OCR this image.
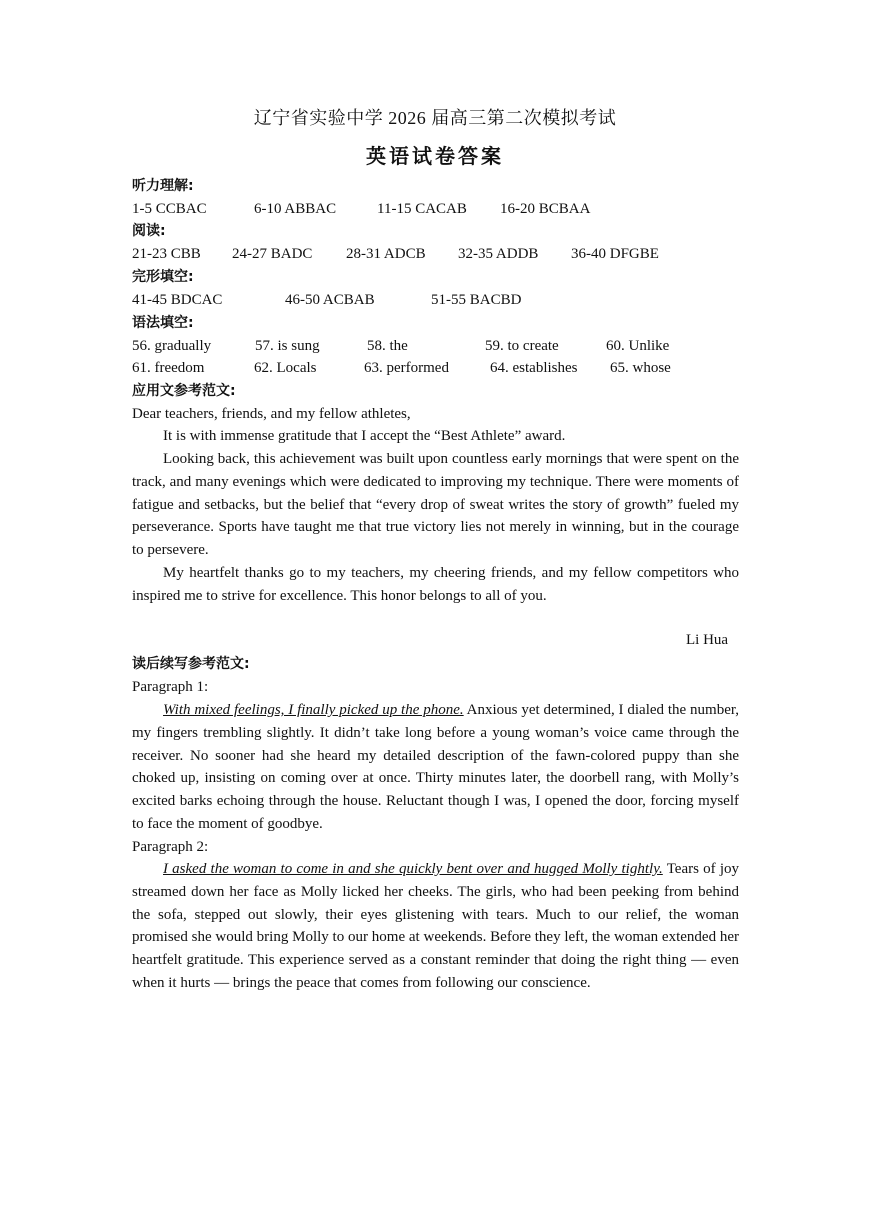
辽宁省实验中学 2026 届高三第二次模拟考试
英语试卷答案
听力理解:
1-5 CCBAC	6-10 ABBAC	11-15 CACAB 16-20 BCBAA
阅读:
21-23 CBB 24-27 BADC 28-31 ADCB 32-35 ADDB 36-40 DFGBE
完形填空:
41-45 BDCAC	46-50 ACBAB	51-55 BACBD
语法填空:
56. gradually	57. is sung	58. the	59. to create	60. Unlike
61. freedom	62. Locals	63. performed	64. establishes 65. whose
应用文参考范文:
Dear teachers, friends, and my fellow athletes,
It is with immense gratitude that I accept the “Best Athlete” award.
Looking back, this achievement was built upon countless early mornings that were spent on the track, and many evenings which were dedicated to improving my technique. There were moments of fatigue and setbacks, but the belief that “every drop of sweat writes the story of growth” fueled my perseverance. Sports have taught me that true victory lies not merely in winning, but in the courage to persevere.
My heartfelt thanks go to my teachers, my cheering friends, and my fellow competitors who inspired me to strive for excellence. This honor belongs to all of you.
Li Hua
读后续写参考范文:
Paragraph 1:
With mixed feelings, I finally picked up the phone. Anxious yet determined, I dialed the number, my fingers trembling slightly. It didn’t take long before a young woman’s voice came through the receiver. No sooner had she heard my detailed description of the fawn-colored puppy than she choked up, insisting on coming over at once. Thirty minutes later, the doorbell rang, with Molly’s excited barks echoing through the house. Reluctant though I was, I opened the door, forcing myself to face the moment of goodbye.
Paragraph 2:
I asked the woman to come in and she quickly bent over and hugged Molly tightly. Tears of joy streamed down her face as Molly licked her cheeks. The girls, who had been peeking from behind the sofa, stepped out slowly, their eyes glistening with tears. Much to our relief, the woman promised she would bring Molly to our home at weekends. Before they left, the woman extended her heartfelt gratitude. This experience served as a constant reminder that doing the right thing — even when it hurts — brings the peace that comes from following our conscience.
